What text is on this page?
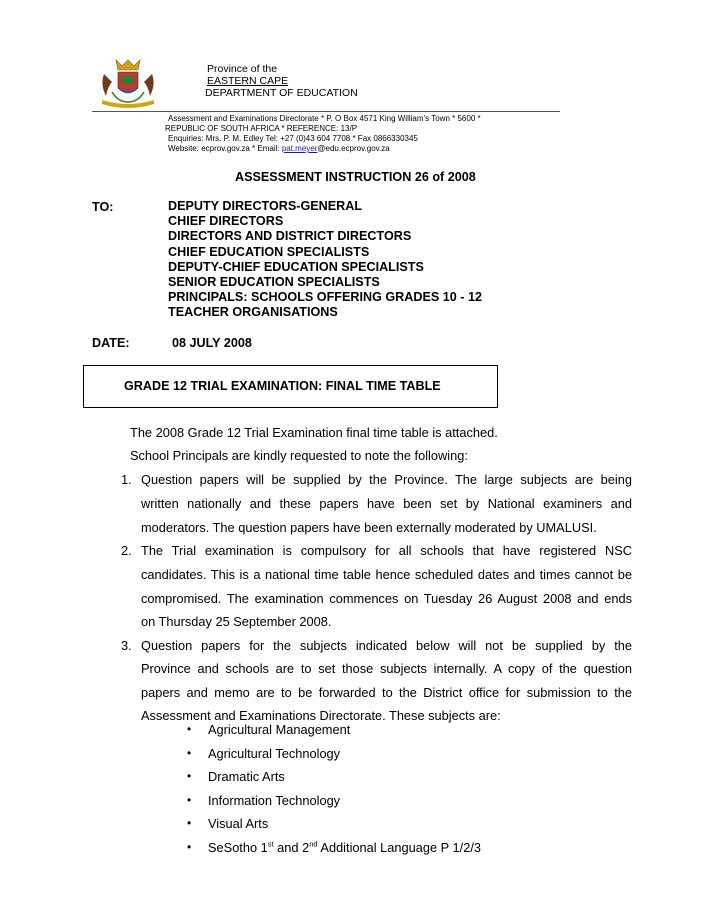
Province of the
EASTERN CAPE
DEPARTMENT OF EDUCATION
Assessment and Examinations Directorate * P. O Box 4571 King William’s Town * 5600 *
REPUBLIC OF SOUTH AFRICA * REFERENCE: 13/P
Enquiries: Mrs. P. M. Edley Tel: +27 (0)43 604 7708 * Fax 0866330345
Website: ecprov.gov.za * Email: pat.meyer@edu.ecprov.gov.za
ASSESSMENT INSTRUCTION 26 of 2008
TO:	DEPUTY DIRECTORS-GENERAL
CHIEF DIRECTORS
DIRECTORS AND DISTRICT DIRECTORS
CHIEF EDUCATION SPECIALISTS
DEPUTY-CHIEF EDUCATION SPECIALISTS
SENIOR EDUCATION SPECIALISTS
PRINCIPALS: SCHOOLS OFFERING GRADES 10 - 12
TEACHER ORGANISATIONS
DATE:	08 JULY 2008
GRADE 12 TRIAL EXAMINATION: FINAL TIME TABLE
The 2008 Grade 12 Trial Examination final time table is attached.
School Principals are kindly requested to note the following:
1. Question papers will be supplied by the Province. The large subjects are being
written nationally and these papers have been set by National examiners and
moderators. The question papers have been externally moderated by UMALUSI.
2. The Trial examination is compulsory for all schools that have registered NSC
candidates. This is a national time table hence scheduled dates and times cannot be
compromised. The examination commences on Tuesday 26 August 2008 and ends
on Thursday 25 September 2008.
3. Question papers for the subjects indicated below will not be supplied by the
Province and schools are to set those subjects internally. A copy of the question
papers and memo are to be forwarded to the District office for submission to the
Assessment and Examinations Directorate. These subjects are:
• Agricultural Management
• Agricultural Technology
• Dramatic Arts
• Information Technology
• Visual Arts
• SeSotho 1st and 2nd Additional Language P 1/2/3
